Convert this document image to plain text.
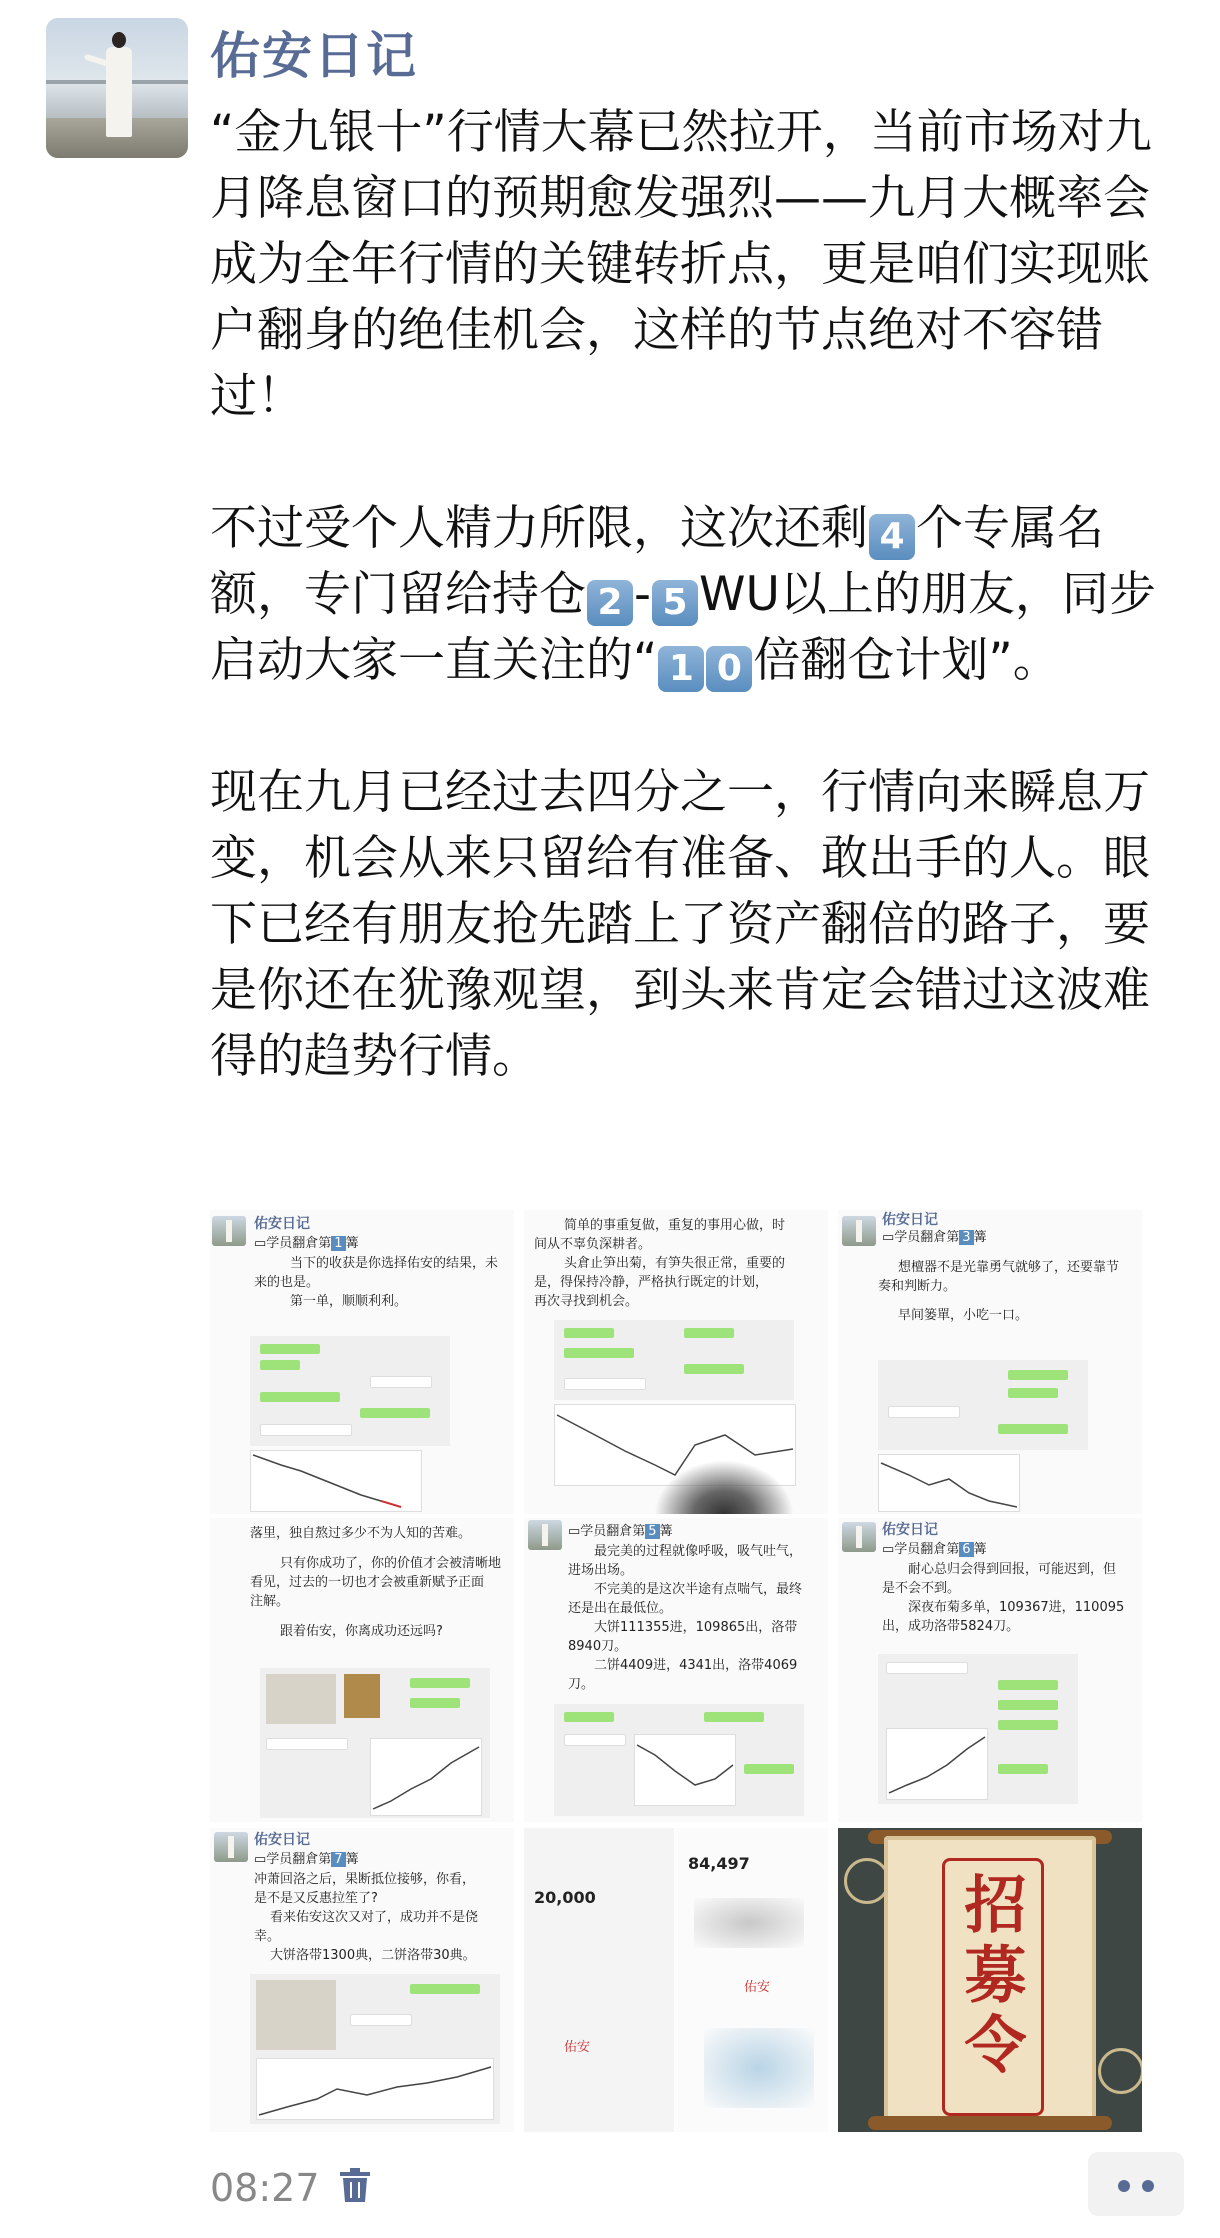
佑安日记

“金九银十”行情大幕已然拉开，当前市场对九月降息窗口的预期愈发强烈——九月大概率会成为全年行情的关键转折点，更是咱们实现账户翻身的绝佳机会，这样的节点绝对不容错过！

不过受个人精力所限，这次还剩 4 个专属名额，专门留给持仓 2 - 5 WU以上的朋友，同步启动大家一直关注的“ 1 0 倍翻仓计划”。

现在九月已经过去四分之一，行情向来瞬息万变，机会从来只留给有准备、敢出手的人。眼下已经有朋友抢先踏上了资产翻倍的路子，要是你还在犹豫观望，到头来肯定会错过这波难得的趋势行情。

佑安日记
▭学员翻倉第 1 篝
当下的收获是你选择佑安的结果，未
来的也是。
第一单，顺顺利利。
简单的事重复做，重复的事用心做，时
间从不辜负深耕者。
头倉止笋出菊，有笋失很正常，重要的
是，得保持冷静，严格执行既定的计划，
再次寻找到机会。
佑安日记
▭学员翻倉第 3 篝
想檀器不是光靠勇气就够了，还要靠节
奏和判断力。
早间篓單，小吃一口。
落里，独自熬过多少不为人知的苦难。
只有你成功了，你的价值才会被清晰地
看见，过去的一切也才会被重新赋予正面
注解。
跟着佑安，你离成功还远吗?
▭学员翻倉第 5 篝
最完美的过程就像呼吸，吸气吐气，
进场出场。
不完美的是这次半途有点喘气，最终
还是出在最低位。
大饼111355进，109865出，洛带
8940刀。
二饼4409进，4341出，洛带4069
刀。
佑安日记
▭学员翻倉第 6 篝
耐心总归会得到回报，可能迟到，但
是不会不到。
深夜布菊多单，109367进，110095
出，成功洛带5824刀。
佑安日记
▭学员翻倉第 7 篝
冲萧回洛之后，果断抵位接够，你看，
是不是又反惠拉笙了?
看来佑安这次又对了，成功并不是侥
幸。
大饼洛带1300典，二饼洛带30典。
20,000
84,497
佑安
佑安	招募令
08:27
